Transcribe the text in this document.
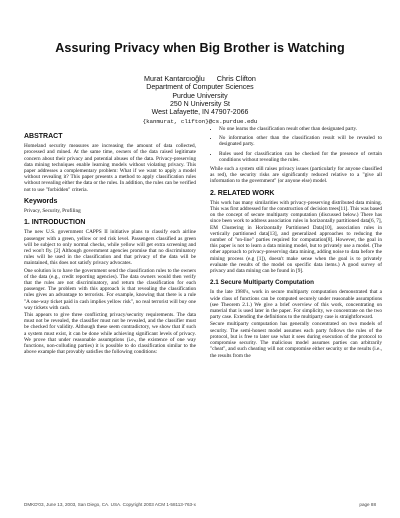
Assuring Privacy when Big Brother is Watching
Murat Kantarcıoǧlu Chris Clifton
Department of Computer Sciences
Purdue University
250 N University St
West Lafayette, IN 47907-2066
{kanmurat, clifton}@cs.purdue.edu
ABSTRACT

Homeland security measures are increasing the amount of data collected, processed and mined. At the same time, owners of the data raised legitimate concern about their privacy and potential abuses of the data. Privacy-preserving data mining techniques enable learning models without violating privacy. This paper addresses a complementary problem: What if we want to apply a model without revealing it? This paper presents a method to apply classification rules without revealing either the data or the rules. In addition, the rules can be verified not to use "forbidden" criteria.

Keywords

Privacy, Security, Profiling

1. INTRODUCTION

The new U.S. government CAPPS II initiative plans to classify each airline passenger with a green, yellow or red risk level. Passengers classified as green will be subject to only normal checks, while yellow will get extra screening and red won't fly. [2] Although government agencies promise that no discriminatory rules will be used in the classification and that privacy of the data will be maintained, this does not satisfy privacy advocates.

One solution is to have the government send the classification rules to the owners of the data (e.g., credit reporting agencies). The data owners would then verify that the rules are not discriminatory, and return the classification for each passenger. The problem with this approach is that revealing the classification rules gives an advantage to terrorists. For example, knowing that there is a rule "A one-way ticket paid in cash implies yellow risk", no real terrorist will buy one way tickets with cash.

This appears to give three conflicting privacy/security requirements. The data must not be revealed, the classifier must not be revealed, and the classifier must be checked for validity. Although these seem contradictory, we show that if such a system must exist, it can be done while achieving significant levels of privacy. We prove that under reasonable assumptions (i.e., the existence of one way functions, non-colluding parties) it is possible to do classification similar to the above example that provably satisfies the following conditions:

• No one learns the classification result other than designated party.
• No information other than the classification result will be revealed to designated party.
• Rules used for classification can be checked for the presence of certain conditions without revealing the rules.

While such a system still raises privacy issues (particularly for anyone classified as red), the security risks are significantly reduced relative to a "give all information to the government" (or anyone else) model.

2. RELATED WORK

This work has many similarities with privacy-preserving distributed data mining. This was first addressed for the construction of decision trees[11]. This was based on the concept of secure multiparty computation (discussed below.) There has since been work to address association rules in horizontally partitioned data[6, 7], EM Clustering in Horizontally Partitioned Data[10], association rules in vertically partitioned data[13], and generalized approaches to reducing the number of "on-line" parties required for computation[8]. However, the goal in this paper is not to learn a data mining model, but to privately use a model. (The other approach to privacy-preserving data mining, adding noise to data before the mining process (e.g [1]), doesn't make sense when the goal is to privately evaluate the results of the model on specific data items.) A good survey of privacy and data mining can be found in [9].

2.1 Secure Multiparty Computation

In the late 1980's, work in secure multiparty computation demonstrated that a wide class of functions can be computed securely under reasonable assumptions (see Theorem 2.1.) We give a brief overview of this work, concentrating on material that is used later in the paper. For simplicity, we concentrate on the two party case. Extending the definitions to the multiparty case is straightforward.

Secure multiparty computation has generally concentrated on two models of security. The semi-honest model assumes each party follows the rules of the protocol, but is free to later use what it sees during execution of the protocol to compromise security. The malicious model assumes parties can arbitrarily "cheat", and such cheating will not compromise either security or the results (i.e., the results from the

DMKD'03, June 13, 2003, San Diego, CA. USA. Copyright 2003 ACM 1-58113-763-x	page 88
